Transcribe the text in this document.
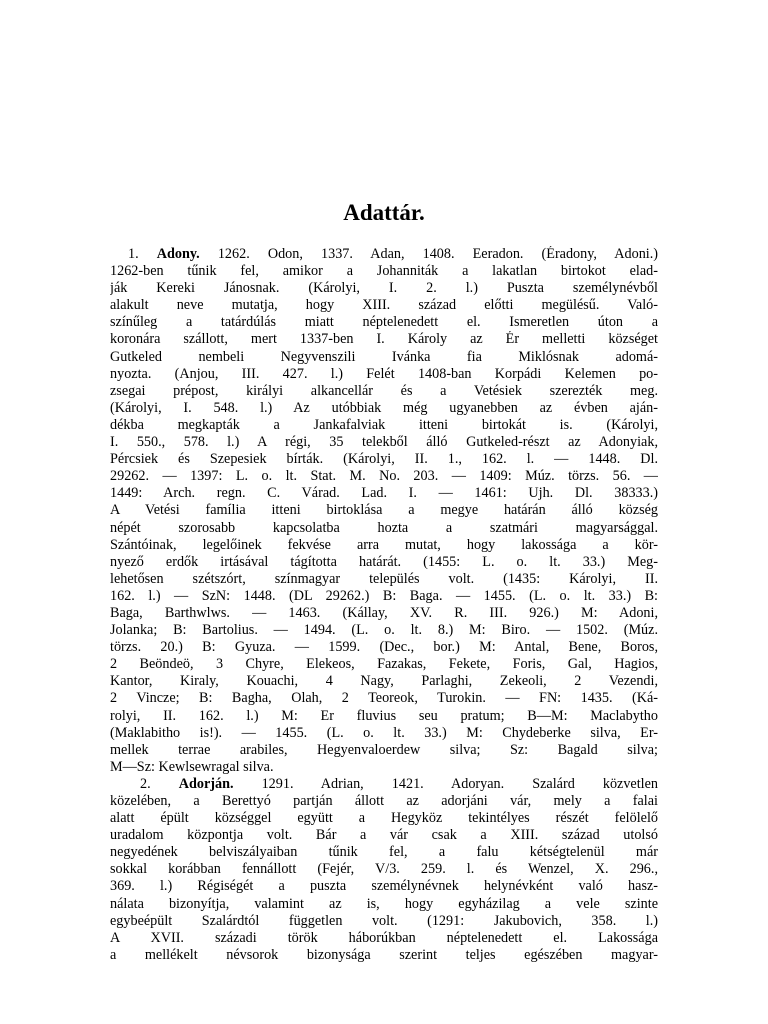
Adattár.
1. Adony. 1262. Odon, 1337. Adan, 1408. Eeradon. (Éradony, Adoni.)
1262-ben tűnik fel, amikor a Johanniták a lakatlan birtokot elad-
ják Kereki Jánosnak. (Károlyi, I. 2. l.) Puszta személynévből
alakult neve mutatja, hogy XIII. század előtti megülésű. Való-
színűleg a tatárdúlás miatt néptelenedett el. Ismeretlen úton a
koronára szállott, mert 1337-ben I. Károly az Ér melletti községet
Gutkeled nembeli Negyvenszili Ivánka fia Miklósnak adomá-
nyozta. (Anjou, III. 427. l.) Felét 1408-ban Korpádi Kelemen po-
zsegai prépost, királyi alkancellár és a Vetésiek szerezték meg.
(Károlyi, I. 548. l.) Az utóbbiak még ugyanebben az évben aján-
dékba megkapták a Jankafalviak itteni birtokát is. (Károlyi,
I. 550., 578. l.) A régi, 35 telekből álló Gutkeled-részt az Adonyiak,
Pércsiek és Szepesiek bírták. (Károlyi, II. 1., 162. l. — 1448. Dl.
29262. — 1397: L. o. lt. Stat. M. No. 203. — 1409: Múz. törzs. 56. —
1449: Arch. regn. C. Várad. Lad. I. — 1461: Ujh. Dl. 38333.)
A Vetési família itteni birtoklása a megye határán álló község
népét szorosabb kapcsolatba hozta a szatmári magyarsággal.
Szántóinak, legelőinek fekvése arra mutat, hogy lakossága a kör-
nyező erdők irtásával tágította határát. (1455: L. o. lt. 33.) Meg-
lehetősen szétszórt, színmagyar település volt. (1435: Károlyi, II.
162. l.) — SzN: 1448. (DL 29262.) B: Baga. — 1455. (L. o. lt. 33.) B:
Baga, Barthwlws. — 1463. (Kállay, XV. R. III. 926.) M: Adoni,
Jolanka; B: Bartolius. — 1494. (L. o. lt. 8.) M: Biro. — 1502. (Múz.
törzs. 20.) B: Gyuza. — 1599. (Dec., bor.) M: Antal, Bene, Boros,
2 Beöndeö, 3 Chyre, Elekeos, Fazakas, Fekete, Foris, Gal, Hagios,
Kantor, Kiraly, Kouachi, 4 Nagy, Parlaghi, Zekeoli, 2 Vezendi,
2 Vincze; B: Bagha, Olah, 2 Teoreok, Turokin. — FN: 1435. (Ká-
rolyi, II. 162. l.) M: Er fluvius seu pratum; B—M: Maclabytho
(Maklabitho is!). — 1455. (L. o. lt. 33.) M: Chydeberke silva, Er-
mellek terrae arabiles, Hegyenvaloerdew silva; Sz: Bagald silva;
M—Sz: Kewlsewragal silva.
2. Adorján. 1291. Adrian, 1421. Adoryan. Szalárd közvetlen
közelében, a Berettyó partján állott az adorjáni vár, mely a falai
alatt épült községgel együtt a Hegyköz tekintélyes részét felölelő
uradalom központja volt. Bár a vár csak a XIII. század utolsó
negyedének belviszályaiban tűnik fel, a falu kétségtelenül már
sokkal korábban fennállott (Fejér, V/3. 259. l. és Wenzel, X. 296.,
369. l.) Régiségét a puszta személynévnek helynévként való hasz-
nálata bizonyítja, valamint az is, hogy egyházilag a vele szinte
egybeépült Szalárdtól független volt. (1291: Jakubovich, 358. l.)
A XVII. századi török háborúkban néptelenedett el. Lakossága
a mellékelt névsorok bizonysága szerint teljes egészében magyar-
